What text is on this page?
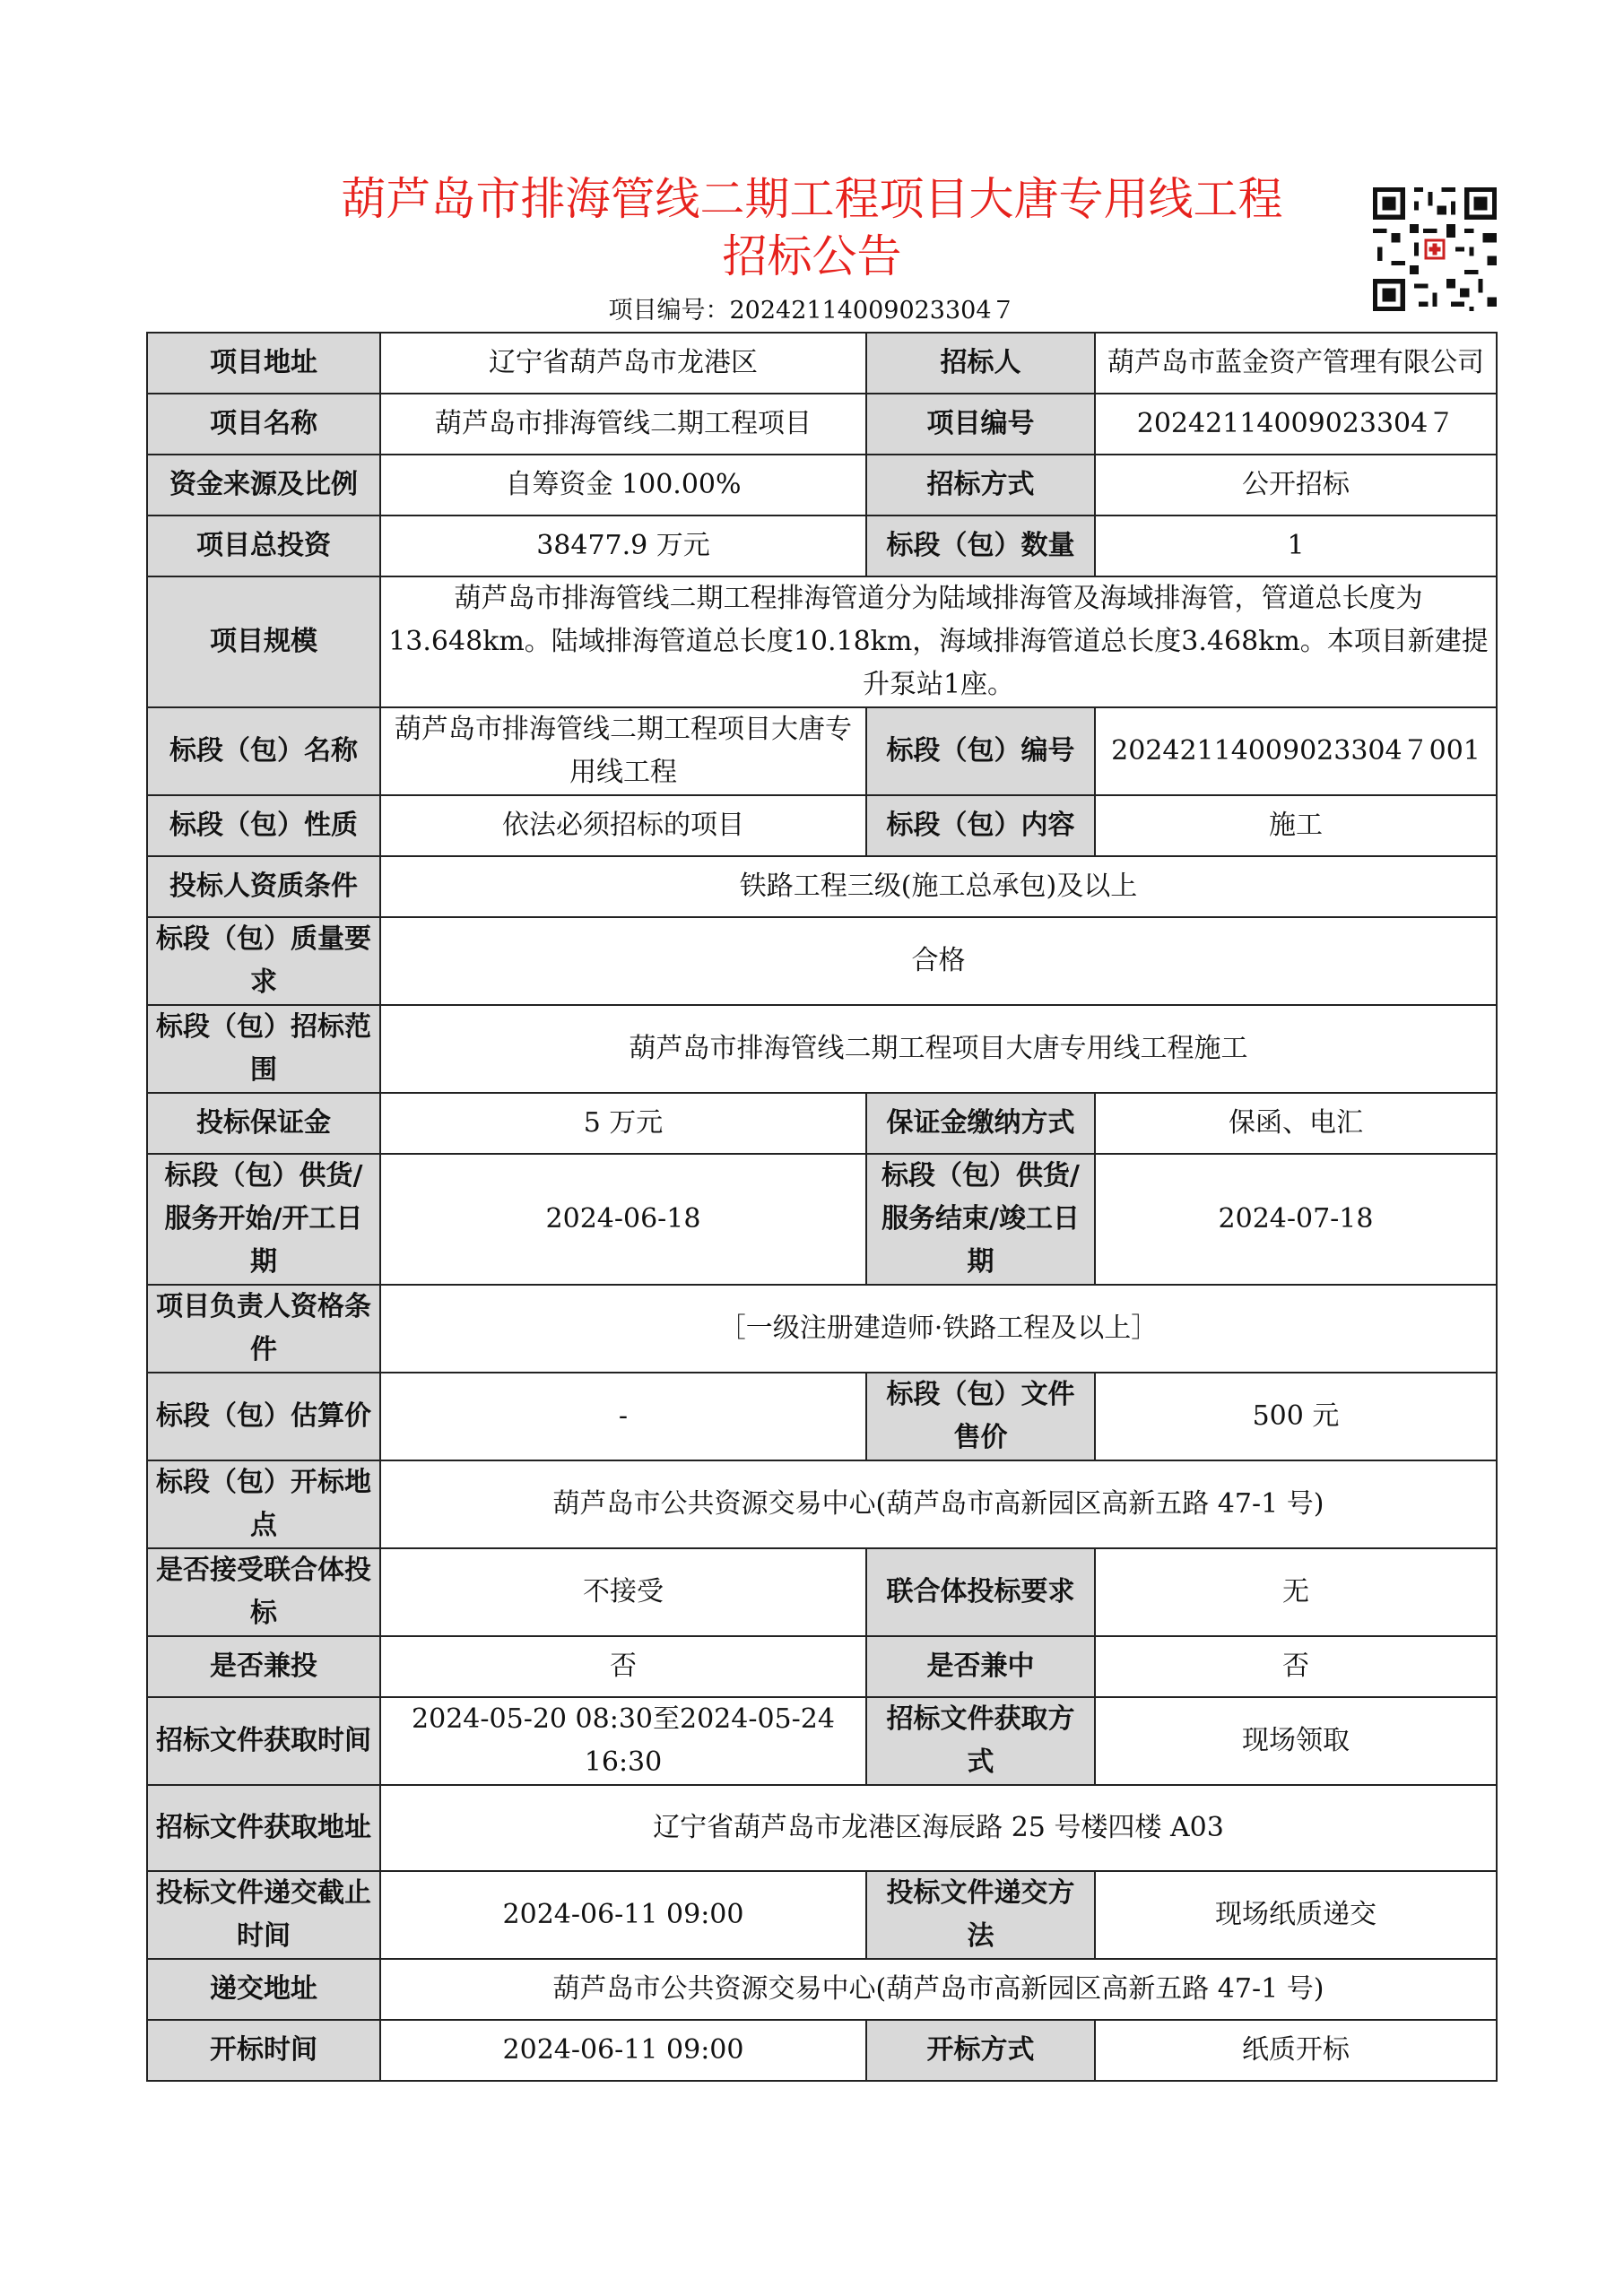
葫芦岛市排海管线二期工程项目大唐专用线工程
招标公告
项目编号：20242114009023304７
项目地址	辽宁省葫芦岛市龙港区	招标人	葫芦岛市蓝金资产管理有限公司
项目名称	葫芦岛市排海管线二期工程项目	项目编号	20242114009023304７
资金来源及比例	自筹资金 100.00%	招标方式	公开招标
项目总投资	38477.9 万元	标段（包）数量	1
项目规模	葫芦岛市排海管线二期工程排海管道分为陆域排海管及海域排海管，管道总长度为13.648km。陆域排海管道总长度10.18km，海域排海管道总长度3.468km。本项目新建提升泵站1座。		
标段（包）名称	葫芦岛市排海管线二期工程项目大唐专用线工程	标段（包）编号	20242114009023304７001
标段（包）性质	依法必须招标的项目	标段（包）内容	施工
投标人资质条件	铁路工程三级(施工总承包)及以上		
标段（包）质量要求	合格		
标段（包）招标范围	葫芦岛市排海管线二期工程项目大唐专用线工程施工		
投标保证金	5 万元	保证金缴纳方式	保函、电汇
标段（包）供货/服务开始/开工日期	2024-06-18	标段（包）供货/服务结束/竣工日期	2024-07-18
项目负责人资格条件	［一级注册建造师·铁路工程及以上］		
标段（包）估算价	-	标段（包）文件售价	500 元
标段（包）开标地点	葫芦岛市公共资源交易中心(葫芦岛市高新园区高新五路 47-1 号)		
是否接受联合体投标	不接受	联合体投标要求	无
是否兼投	否	是否兼中	否
招标文件获取时间	2024-05-20 08:30至2024-05-24 16:30	招标文件获取方式	现场领取
招标文件获取地址	辽宁省葫芦岛市龙港区海辰路 25 号楼四楼 A03		
投标文件递交截止时间	2024-06-11 09:00	投标文件递交方法	现场纸质递交
递交地址	葫芦岛市公共资源交易中心(葫芦岛市高新园区高新五路 47-1 号)		
开标时间	2024-06-11 09:00	开标方式	纸质开标
